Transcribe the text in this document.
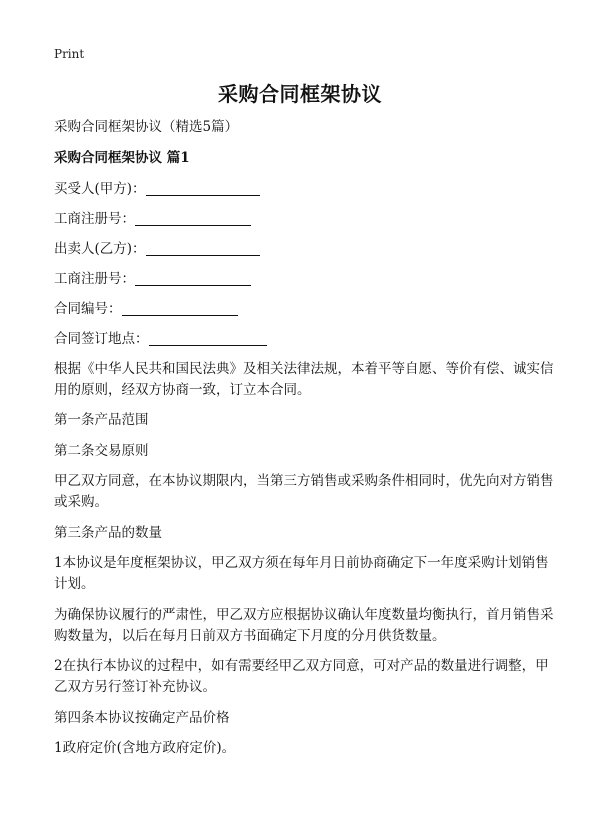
Print
采购合同框架协议

采购合同框架协议（精选5篇）

采购合同框架协议 篇1

买受人(甲方)：
工商注册号：
出卖人(乙方)：
工商注册号：
合同编号：
合同签订地点：

根据《中华人民共和国民法典》及相关法律法规，本着平等自愿、等价有偿、诚实信用的原则，经双方协商一致，订立本合同。

第一条产品范围

第二条交易原则

甲乙双方同意，在本协议期限内，当第三方销售或采购条件相同时，优先向对方销售或采购。

第三条产品的数量

1本协议是年度框架协议，甲乙双方须在每年月日前协商确定下一年度采购计划销售计划。

为确保协议履行的严肃性，甲乙双方应根据协议确认年度数量均衡执行，首月销售采购数量为，以后在每月日前双方书面确定下月度的分月供货数量。

2在执行本协议的过程中，如有需要经甲乙双方同意，可对产品的数量进行调整，甲乙双方另行签订补充协议。

第四条本协议按确定产品价格

1政府定价(含地方政府定价)。
